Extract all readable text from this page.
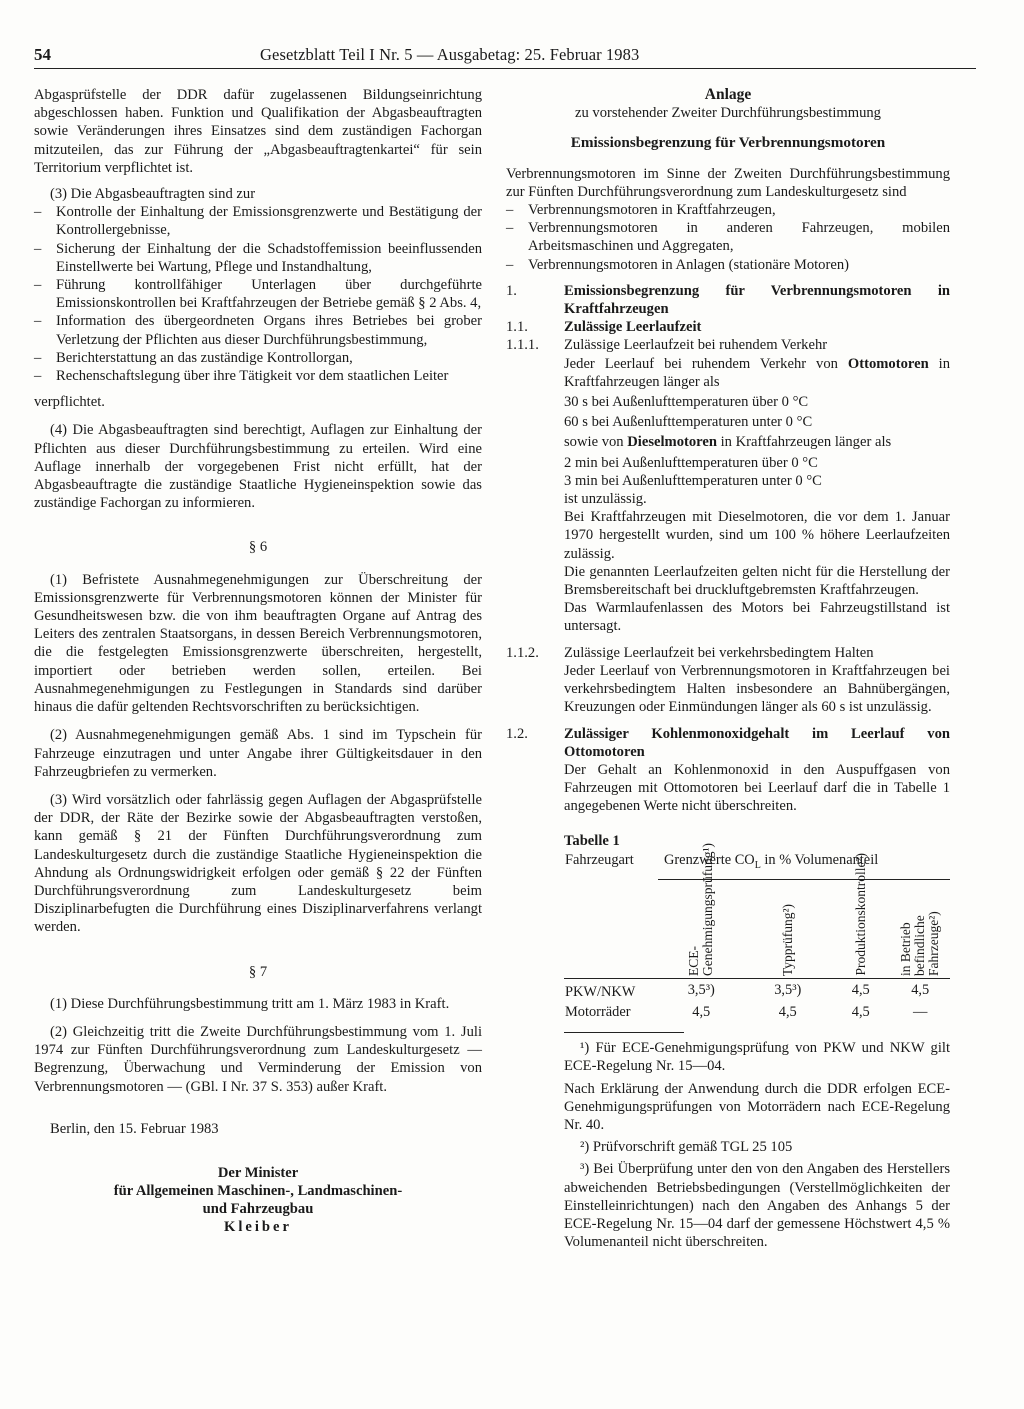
54	Gesetzblatt Teil I Nr. 5 — Ausgabetag: 25. Februar 1983

Abgasprüfstelle der DDR dafür zugelassenen Bildungseinrichtung abgeschlossen haben. Funktion und Qualifikation der Abgasbeauftragten sowie Veränderungen ihres Einsatzes sind dem zuständigen Fachorgan mitzuteilen, das zur Führung der „Abgasbeauftragtenkartei“ für sein Territorium verpflichtet ist.

(3) Die Abgasbeauftragten sind zur

– Kontrolle der Einhaltung der Emissionsgrenzwerte und Bestätigung der Kontrollergebnisse,
– Sicherung der Einhaltung der die Schadstoffemission beeinflussenden Einstellwerte bei Wartung, Pflege und Instandhaltung,
– Führung kontrollfähiger Unterlagen über durchgeführte Emissionskontrollen bei Kraftfahrzeugen der Betriebe gemäß § 2 Abs. 4,
– Information des übergeordneten Organs ihres Betriebes bei grober Verletzung der Pflichten aus dieser Durchführungsbestimmung,
– Berichterstattung an das zuständige Kontrollorgan,
– Rechenschaftslegung über ihre Tätigkeit vor dem staatlichen Leiter

verpflichtet.

(4) Die Abgasbeauftragten sind berechtigt, Auflagen zur Einhaltung der Pflichten aus dieser Durchführungsbestimmung zu erteilen. Wird eine Auflage innerhalb der vorgegebenen Frist nicht erfüllt, hat der Abgasbeauftragte die zuständige Staatliche Hygieneinspektion sowie das zuständige Fachorgan zu informieren.

§ 6

(1) Befristete Ausnahmegenehmigungen zur Überschreitung der Emissionsgrenzwerte für Verbrennungsmotoren können der Minister für Gesundheitswesen bzw. die von ihm beauftragten Organe auf Antrag des Leiters des zentralen Staatsorgans, in dessen Bereich Verbrennungsmotoren, die die festgelegten Emissionsgrenzwerte überschreiten, hergestellt, importiert oder betrieben werden sollen, erteilen. Bei Ausnahmegenehmigungen zu Festlegungen in Standards sind darüber hinaus die dafür geltenden Rechtsvorschriften zu berücksichtigen.

(2) Ausnahmegenehmigungen gemäß Abs. 1 sind im Typschein für Fahrzeuge einzutragen und unter Angabe ihrer Gültigkeitsdauer in den Fahrzeugbriefen zu vermerken.

(3) Wird vorsätzlich oder fahrlässig gegen Auflagen der Abgasprüfstelle der DDR, der Räte der Bezirke sowie der Abgasbeauftragten verstoßen, kann gemäß § 21 der Fünften Durchführungsverordnung zum Landeskulturgesetz durch die zuständige Staatliche Hygieneinspektion die Ahndung als Ordnungswidrigkeit erfolgen oder gemäß § 22 der Fünften Durchführungsverordnung zum Landeskulturgesetz beim Disziplinarbefugten die Durchführung eines Disziplinarverfahrens verlangt werden.

§ 7

(1) Diese Durchführungsbestimmung tritt am 1. März 1983 in Kraft.

(2) Gleichzeitig tritt die Zweite Durchführungsbestimmung vom 1. Juli 1974 zur Fünften Durchführungsverordnung zum Landeskulturgesetz — Begrenzung, Überwachung und Verminderung der Emission von Verbrennungsmotoren — (GBl. I Nr. 37 S. 353) außer Kraft.

Berlin, den 15. Februar 1983

Der Minister
für Allgemeinen Maschinen-, Landmaschinen-
und Fahrzeugbau
Kleiber
Anlage
zu vorstehender Zweiter Durchführungsbestimmung
Emissionsbegrenzung für Verbrennungsmotoren

Verbrennungsmotoren im Sinne der Zweiten Durchführungsbestimmung zur Fünften Durchführungsverordnung zum Landeskulturgesetz sind

– Verbrennungsmotoren in Kraftfahrzeugen,
– Verbrennungsmotoren in anderen Fahrzeugen, mobilen Arbeitsmaschinen und Aggregaten,
– Verbrennungsmotoren in Anlagen (stationäre Motoren)
1.	Emissionsbegrenzung für Verbrennungsmotoren in Kraftfahrzeugen
1.1.	Zulässige Leerlaufzeit
1.1.1.	Zulässige Leerlaufzeit bei ruhendem Verkehr

Jeder Leerlauf bei ruhendem Verkehr von Ottomotoren in Kraftfahrzeugen länger als

30 s bei Außenlufttemperaturen über 0 °C

60 s bei Außenlufttemperaturen unter 0 °C

sowie von Dieselmotoren in Kraftfahrzeugen länger als

2 min bei Außenlufttemperaturen über 0 °C

3 min bei Außenlufttemperaturen unter 0 °C

ist unzulässig.

Bei Kraftfahrzeugen mit Dieselmotoren, die vor dem 1. Januar 1970 hergestellt wurden, sind um 100 % höhere Leerlaufzeiten zulässig.

Die genannten Leerlaufzeiten gelten nicht für die Herstellung der Bremsbereitschaft bei druckluftgebremsten Kraftfahrzeugen.

Das Warmlaufenlassen des Motors bei Fahrzeugstillstand ist untersagt.

1.1.2.	Zulässige Leerlaufzeit bei verkehrsbedingtem Halten

Jeder Leerlauf von Verbrennungsmotoren in Kraftfahrzeugen bei verkehrsbedingtem Halten insbesondere an Bahnübergängen, Kreuzungen oder Einmündungen länger als 60 s ist unzulässig.

1.2.	Zulässiger Kohlenmonoxidgehalt im Leerlauf von Ottomotoren

Der Gehalt an Kohlenmonoxid in den Auspuffgasen von Fahrzeugen mit Ottomotoren bei Leerlauf darf die in Tabelle 1 angegebenen Werte nicht überschreiten.

Tabelle 1
Fahrzeugart	Grenzwerte $CO_L$ in % Volumenanteil			

	ECE-Genehmigungsprüfung¹)	Typprüfung²)	Produktionskontrolle²)	in Betrieb befindliche Fahrzeuge²)

PKW/NKW	3,5³)	3,5³)	4,5	4,5
Motorräder	4,5	4,5	4,5	—

¹) Für ECE-Genehmigungsprüfung von PKW und NKW gilt ECE-Regelung Nr. 15—04.

Nach Erklärung der Anwendung durch die DDR erfolgen ECE-Genehmigungsprüfungen von Motorrädern nach ECE-Regelung Nr. 40.

²) Prüfvorschrift gemäß TGL 25 105

³) Bei Überprüfung unter den von den Angaben des Herstellers abweichenden Betriebsbedingungen (Verstellmöglichkeiten der Einstelleinrichtungen) nach den Angaben des Anhangs 5 der ECE-Regelung Nr. 15—04 darf der gemessene Höchstwert 4,5 % Volumenanteil nicht überschreiten.
